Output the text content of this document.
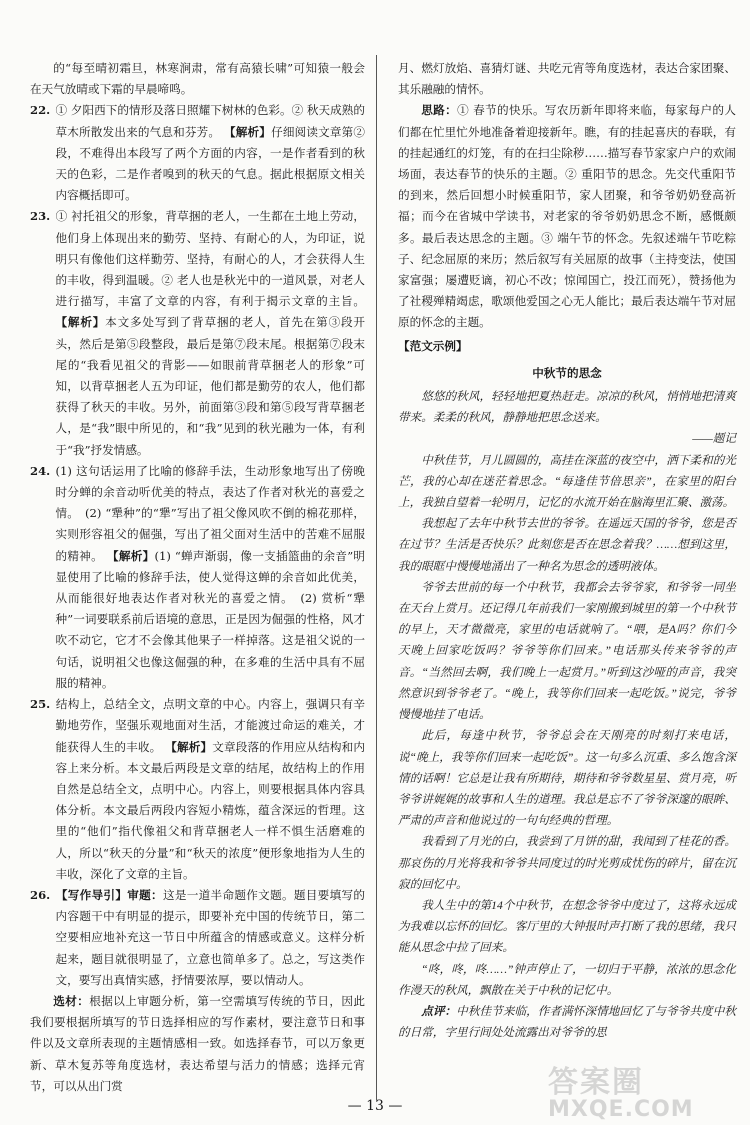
的“每至晴初霜旦，林寒涧肃，常有高猿长啸”可知猿一般会在天气放晴或下霜的早晨啼鸣。

22. ① 夕阳西下的情形及落日照耀下树林的色彩。② 秋天成熟的草木所散发出来的气息和芬芳。 【解析】仔细阅读文章第②段，不难得出本段写了两个方面的内容，一是作者看到的秋天的色彩，二是作者嗅到的秋天的气息。据此根据原文相关内容概括即可。
23. ① 衬托祖父的形象，背草捆的老人，一生都在土地上劳动，他们身上体现出来的勤劳、坚持、有耐心的人，为印证，说明只有像他们这样勤劳、坚持，有耐心的人，才会获得人生的丰收，得到温暖。② 老人也是秋光中的一道风景，对老人进行描写，丰富了文章的内容，有利于揭示文章的主旨。 【解析】本文多处写到了背草捆的老人，首先在第③段开头，然后是第⑤段整段，最后是第⑦段末尾。根据第⑦段末尾的“我看见祖父的背影——如眼前背草捆老人的形象”可知，以背草捆老人五为印证，他们都是勤劳的农人，他们都获得了秋天的丰收。另外，前面第③段和第⑤段写背草捆老人，是“我”眼中所见的，和“我”见到的秋光融为一体，有利于“我”抒发情感。
24. (1) 这句话运用了比喻的修辞手法，生动形象地写出了傍晚时分蝉的余音动听优美的特点，表达了作者对秋光的喜爱之情。　(2) “犟种”的“犟”写出了祖父像风吹不倒的棉花那样，实则形容祖父的倔强，写出了祖父面对生活中的苦难不屈服的精神。 【解析】(1) “蝉声渐弱，像一支插篮曲的余音”明显使用了比喻的修辞手法，使人觉得这蝉的余音如此优美，从而能很好地表达作者对秋光的喜爱之情。　(2) 赏析“犟种”一词要联系前后语境的意思，正是因为倔强的性格，风才吹不动它，它才不会像其他果子一样掉落。这是祖父说的一句话，说明祖父也像这倔强的种，在多难的生活中具有不屈服的精神。
25. 结构上，总结全文，点明文章的中心。内容上，强调只有辛勤地劳作，坚强乐观地面对生活，才能渡过命运的难关，才能获得人生的丰收。 【解析】文章段落的作用应从结构和内容上来分析。本文最后两段是文章的结尾，故结构上的作用自然是总结全文，点明中心。内容上，则要根据具体内容具体分析。本文最后两段内容短小精炼，蕴含深远的哲理。这里的“他们”指代像祖父和背草捆老人一样不惧生活磨难的人，所以“秋天的分量”和“秋天的浓度”便形象地指为人生的丰收，深化了文章的主旨。
26. 【写作导引】审题：这是一道半命题作文题。题目要填写的内容题干中有明显的提示，即要补充中国的传统节日，第二空要相应地补充这一节日中所蕴含的情感或意义。这样分析起来，题目就很明显了，立意也简单多了。总之，写这类作文，要写出真情实感，抒情要浓厚，要以情动人。

选材：根据以上审题分析，第一空需填写传统的节日，因此我们要根据所填写的节日选择相应的写作素材，要注意节日和事件以及文章所表现的主题情感相一致。如选择春节，可以万象更新、草木复苏等角度选材，表达希望与活力的情感；选择元宵节，可以从出门赏

月、燃灯放焰、喜猜灯谜、共吃元宵等角度选材，表达合家团聚、其乐融融的情怀。

思路：① 春节的快乐。写农历新年即将来临，每家每户的人们都在忙里忙外地准备着迎接新年。瞧，有的挂起喜庆的春联，有的挂起通红的灯笼，有的在扫尘除秽……描写春节家家户户的欢闹场面，表达春节的快乐的主题。② 重阳节的思念。先交代重阳节的到来，然后回想小时候重阳节，家人团聚，和爷爷奶奶登高祈福；而今在省城中学读书，对老家的爷爷奶奶思念不断，感慨颇多。最后表达思念的主题。③ 端午节的怀念。先叙述端午节吃粽子、纪念屈原的来历；然后叙写有关屈原的故事（主持变法，使国家富强；屡遭贬谪，初心不改；惊闻国亡，投江而死），赞扬他为了社稷殚精竭虑，歌颂他爱国之心无人能比；最后表达端午节对屈原的怀念的主题。

【范文示例】
中秋节的思念

悠悠的秋风，轻轻地把夏热赶走。凉凉的秋风，悄悄地把清爽带来。柔柔的秋风，静静地把思念送来。

——题记

中秋佳节，月儿圆圆的，高挂在深蓝的夜空中，洒下柔和的光芒，我的心却在迷茫着思念。“每逢佳节倍思亲”，在家里的阳台上，我独自望着一轮明月，记忆的水流开始在脑海里汇聚、激荡。

我想起了去年中秋节去世的爷爷。在遥远天国的爷爷，您是否在过节？生活是否快乐？此刻您是否在思念着我？……想到这里，我的眼眶中慢慢地涌出了一种名为思念的透明液体。

爷爷去世前的每一个中秋节，我都会去爷爷家，和爷爷一同坐在天台上赏月。还记得几年前我们一家刚搬到城里的第一个中秋节的早上，天才微微亮，家里的电话就响了。“喂，是A吗？你们今天晚上回家吃饭吗？爷爷等你们回来。”电话那头传来爷爷的声音。“当然回去啊，我们晚上一起赏月。”听到这沙哑的声音，我突然意识到爷爷老了。“晚上，我等你们回来一起吃饭。”说完，爷爷慢慢地挂了电话。

此后，每逢中秋节，爷爷总会在天刚亮的时刻打来电话，说“晚上，我等你们回来一起吃饭”。这一句多么沉重、多么饱含深情的话啊！它总是让我有所期待，期待和爷爷数星星、赏月亮，听爷爷讲娓娓的故事和人生的道理。我总是忘不了爷爷深邃的眼眸、严肃的声音和他说过的一句句经典的哲理。

我看到了月光的白，我尝到了月饼的甜，我闻到了桂花的香。那哀伤的月光将我和爷爷共同度过的时光剪成忧伤的碎片，留在沉寂的回忆中。

我人生中的第14个中秋节，在想念爷爷中度过了，这将永远成为我难以忘怀的回忆。客厅里的大钟报时声打断了我的思绪，我只能从思念中拉了回来。

“咚，咚，咚……”钟声停止了，一切归于平静，浓浓的思念化作漫天的秋风，飘散在关于中秋的记忆中。

点评：中秋佳节来临，作者满怀深情地回忆了与爷爷共度中秋的日常，字里行间处处流露出对爷爷的思

— 13 —
答案圈
MXQE.COM
